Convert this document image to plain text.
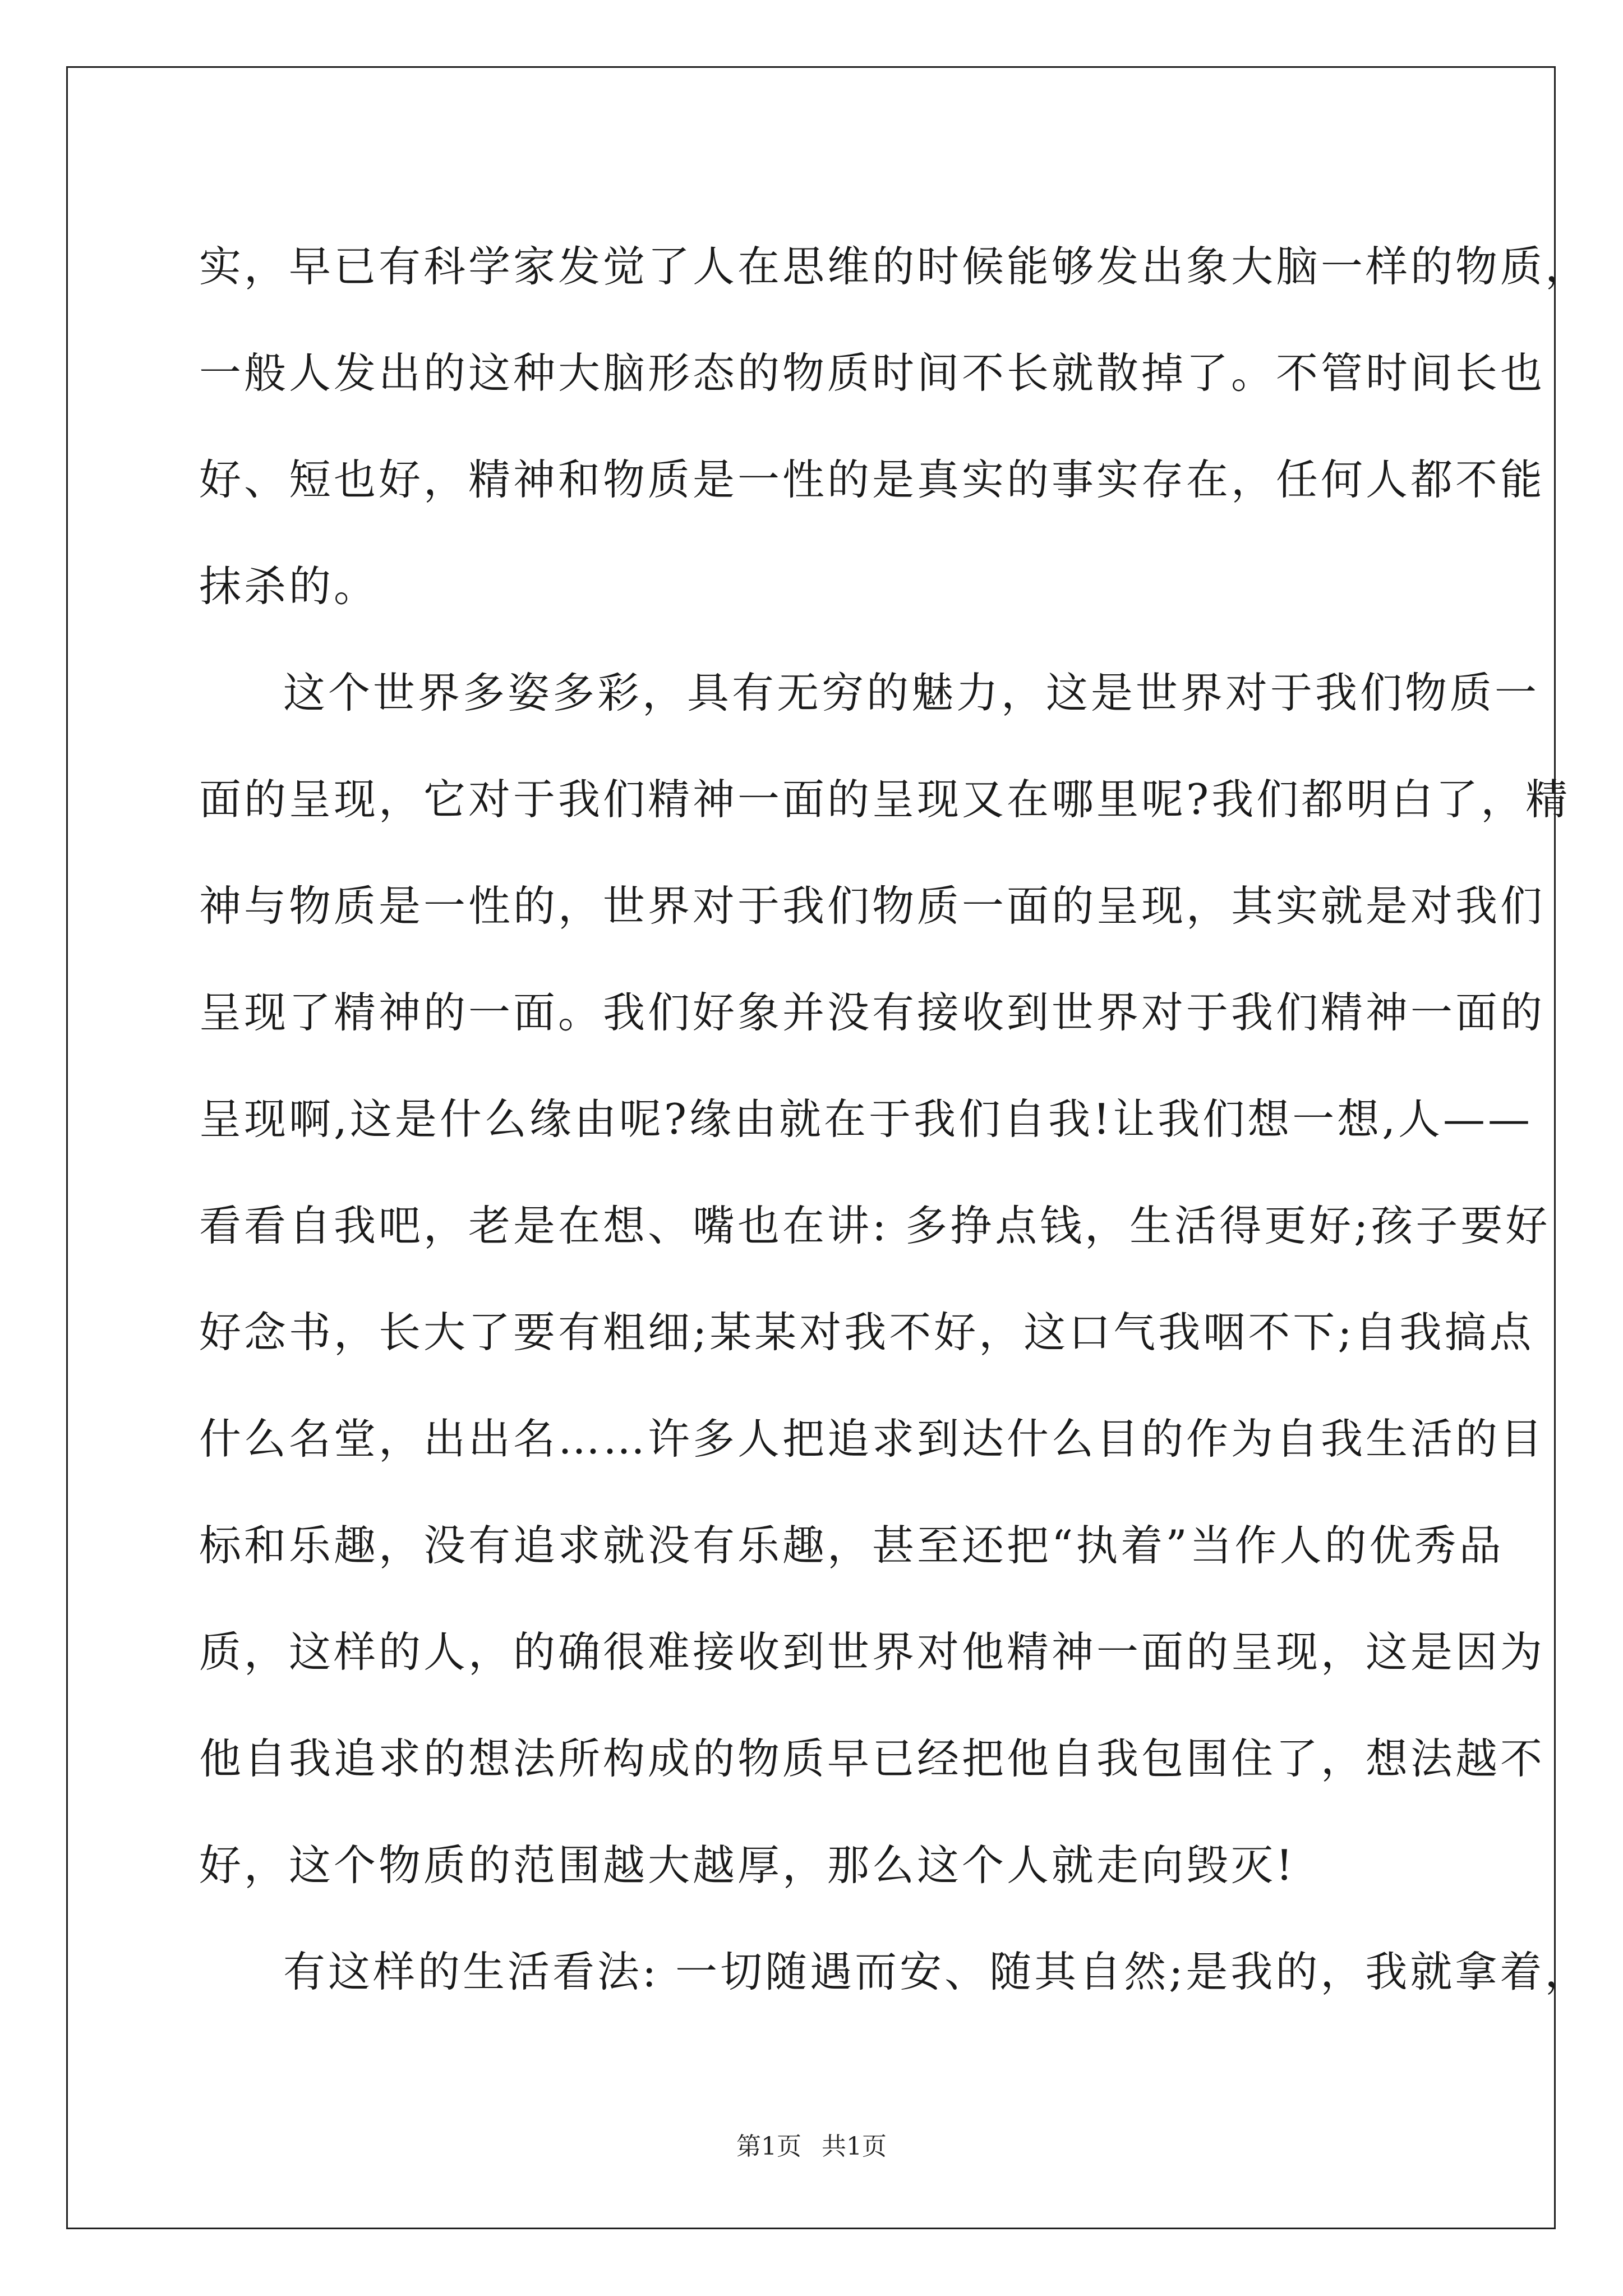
实，早已有科学家发觉了人在思维的时候能够发出象大脑一样的物质，
一般人发出的这种大脑形态的物质时间不长就散掉了。不管时间长也
好、短也好，精神和物质是一性的是真实的事实存在，任何人都不能
抹杀的。
这个世界多姿多彩，具有无穷的魅力，这是世界对于我们物质一
面的呈现，它对于我们精神一面的呈现又在哪里呢?我们都明白了，精
神与物质是一性的，世界对于我们物质一面的呈现，其实就是对我们
呈现了精神的一面。我们好象并没有接收到世界对于我们精神一面的
呈现啊,这是什么缘由呢?缘由就在于我们自我!让我们想一想,人——
看看自我吧，老是在想、嘴也在讲: 多挣点钱，生活得更好;孩子要好
好念书，长大了要有粗细;某某对我不好，这口气我咽不下;自我搞点
什么名堂，出出名……许多人把追求到达什么目的作为自我生活的目
标和乐趣，没有追求就没有乐趣，甚至还把“执着”当作人的优秀品
质，这样的人，的确很难接收到世界对他精神一面的呈现，这是因为
他自我追求的想法所构成的物质早已经把他自我包围住了，想法越不
好，这个物质的范围越大越厚，那么这个人就走向毁灭!
有这样的生活看法: 一切随遇而安、随其自然;是我的，我就拿着，
第1页 共1页
